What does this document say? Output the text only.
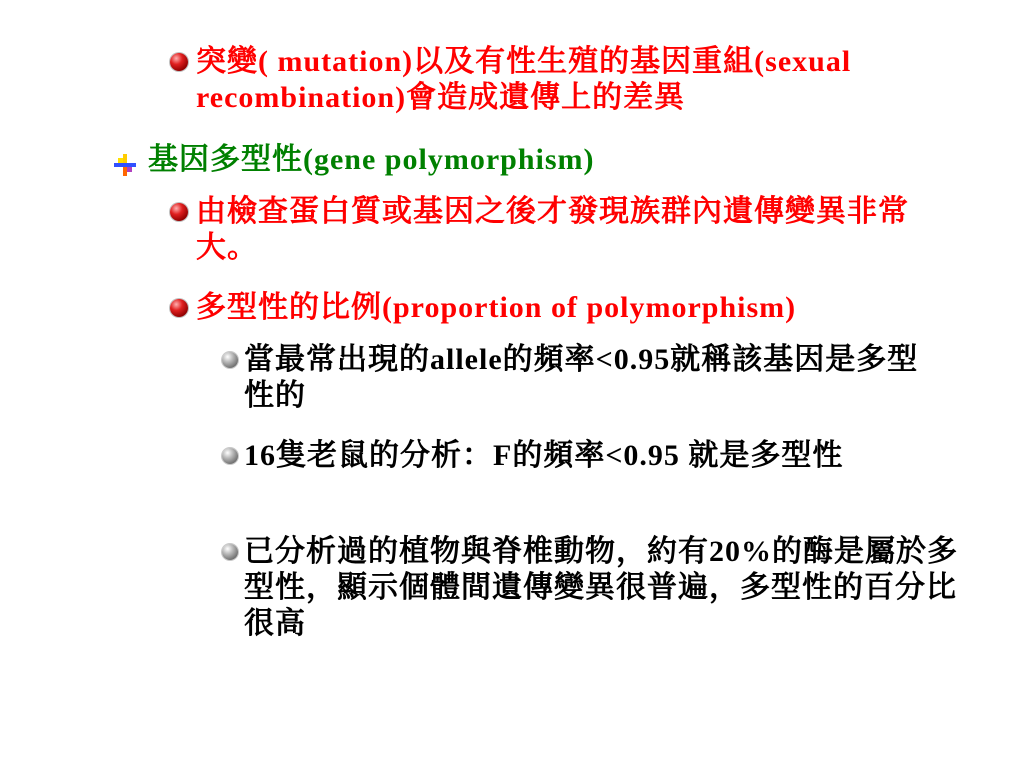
突變( mutation)以及有性生殖的基因重組(sexual recombination)會造成遺傳上的差異
基因多型性(gene polymorphism)
由檢查蛋白質或基因之後才發現族群內遺傳變異非常大。
多型性的比例(proportion of polymorphism)
當最常出現的allele的頻率<0.95就稱該基因是多型性的
16隻老鼠的分析：F的頻率<0.95 就是多型性
已分析過的植物與脊椎動物，約有20%的酶是屬於多型性，顯示個體間遺傳變異很普遍，多型性的百分比很高
